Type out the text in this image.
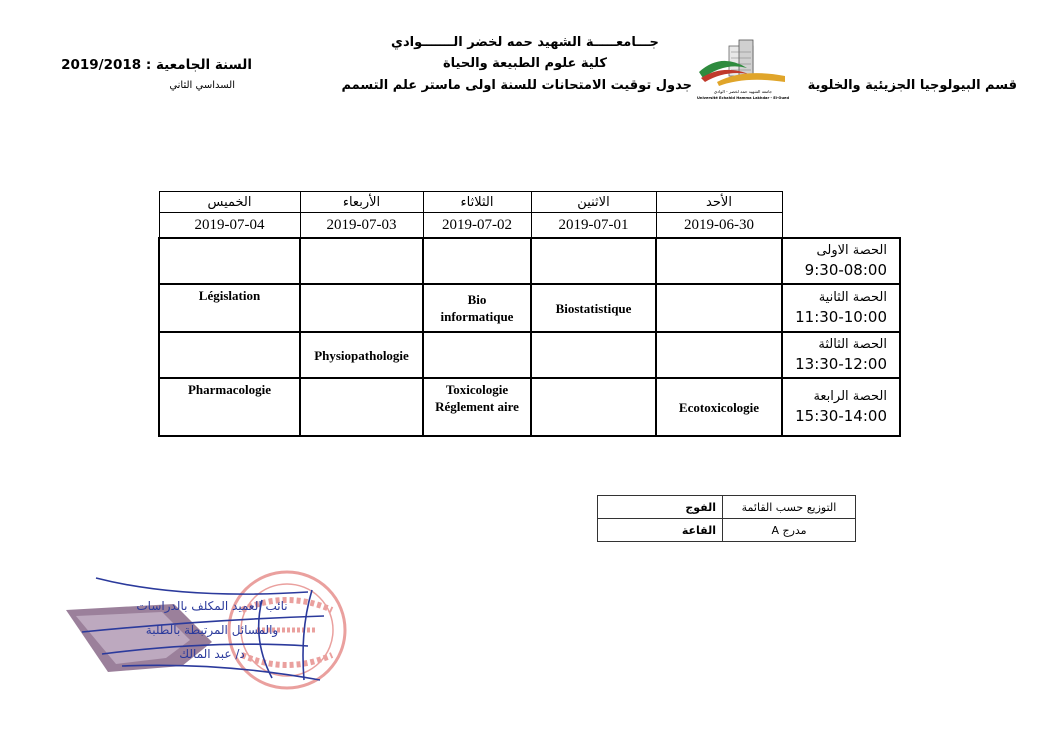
جـــامعـــــة الشهيد حمه لخضر الـــــــوادي
كلية علوم الطبيعة والحياة
جدول توقيت الامتحانات للسنة اولى ماستر علم التسمم	قسم البيولوجيا الجزيئية والخلوية
السنة الجامعية : 2019/2018
السداسي الثاني
جامعة الشهيد حمه لخضر - الوادي
Université Echahid Hamma Lakhdar - El-Oued
الخميس	الأربعاء	الثلاثاء	الاثنين	الأحد	
2019-07-04	2019-07-03	2019-07-02	2019-07-01	2019-06-30	

					الحصة الاولى
9:30-08:00

Législation		Bio informatique	Biostatistique		الحصة الثانية
11:30-10:00

	Physiopathologie				الحصة الثالثة
13:30-12:00

Pharmacologie		Toxicologie Réglement aire		Ecotoxicologie	الحصة الرابعة
15:30-14:00
الفوج	التوزيع حسب القائمة
القاعة	مدرج A
نائب العميد المكلف بالدراسات
والمسائل المرتبطة بالطلبة
د/ عبد المالك
